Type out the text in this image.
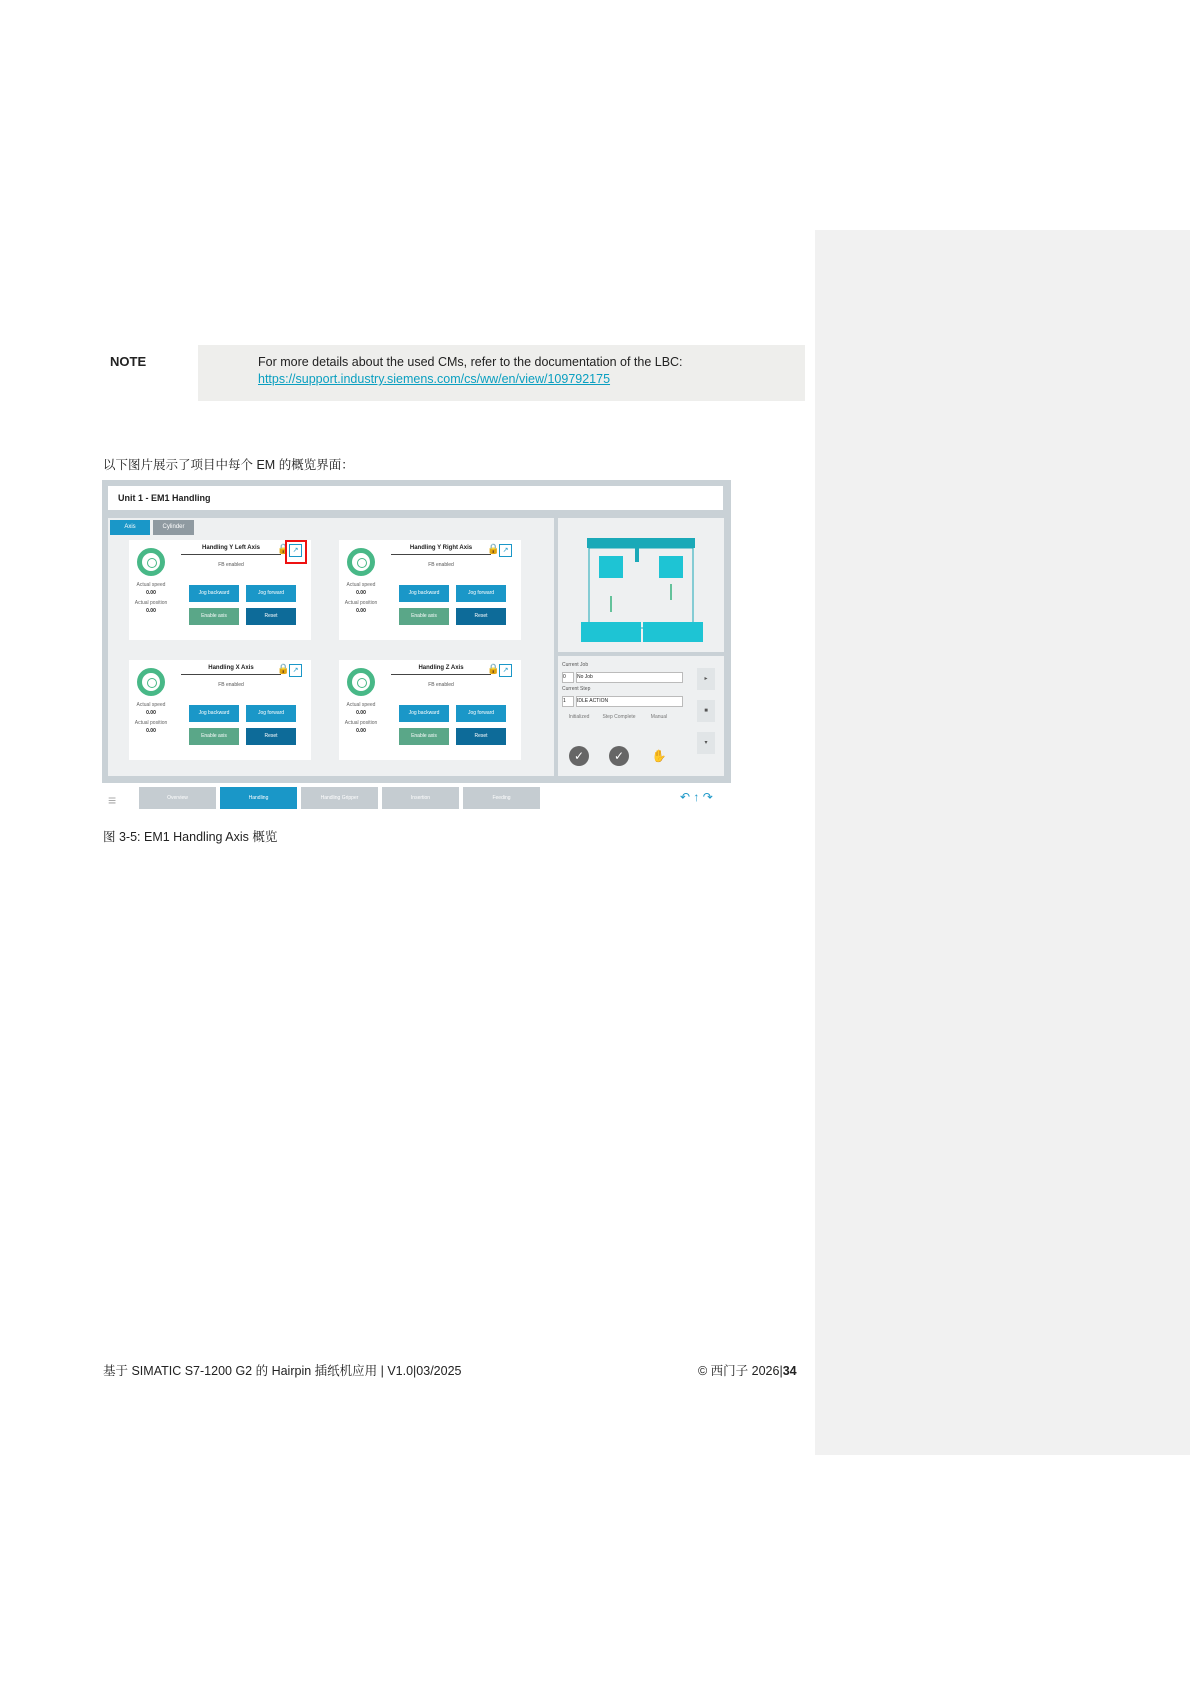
NOTE	For more details about the used CMs, refer to the documentation of the LBC:
https://support.industry.siemens.com/cs/ww/en/view/109792175
以下图片展示了项目中每个 EM 的概览界面：
Unit 1 - EM1 Handling
Axis	Cylinder
Handling Y Left Axis
FB enabled
🔒 ↗
Actual speed
0.00
Actual position
0.00
Jog backward	Jog forward
Enable axis	Reset
Handling Y Right Axis
FB enabled
🔒 ↗
Actual speed
0.00
Actual position
0.00
Jog backward	Jog forward
Enable axis	Reset
Handling X Axis
FB enabled
🔒 ↗
Actual speed
0.00
Actual position
0.00
Jog backward	Jog forward
Enable axis	Reset
Handling Z Axis
FB enabled
🔒 ↗
Actual speed
0.00
Actual position
0.00
Jog backward	Jog forward
Enable axis	Reset
Current Job
0	No Job
Current Step
1	IDLE ACTION
▸
■
▾
Initialized	Step Complete	Manual
✓	✓	✋
≡	Overview	Handling	Handling Gripper	Insertion	Feeding	↶ ↑ ↷
图 3-5: EM1 Handling Axis 概览
基于 SIMATIC S7-1200 G2 的 Hairpin 插纸机应用 | V1.0|03/2025	© 西门子 2026|34
